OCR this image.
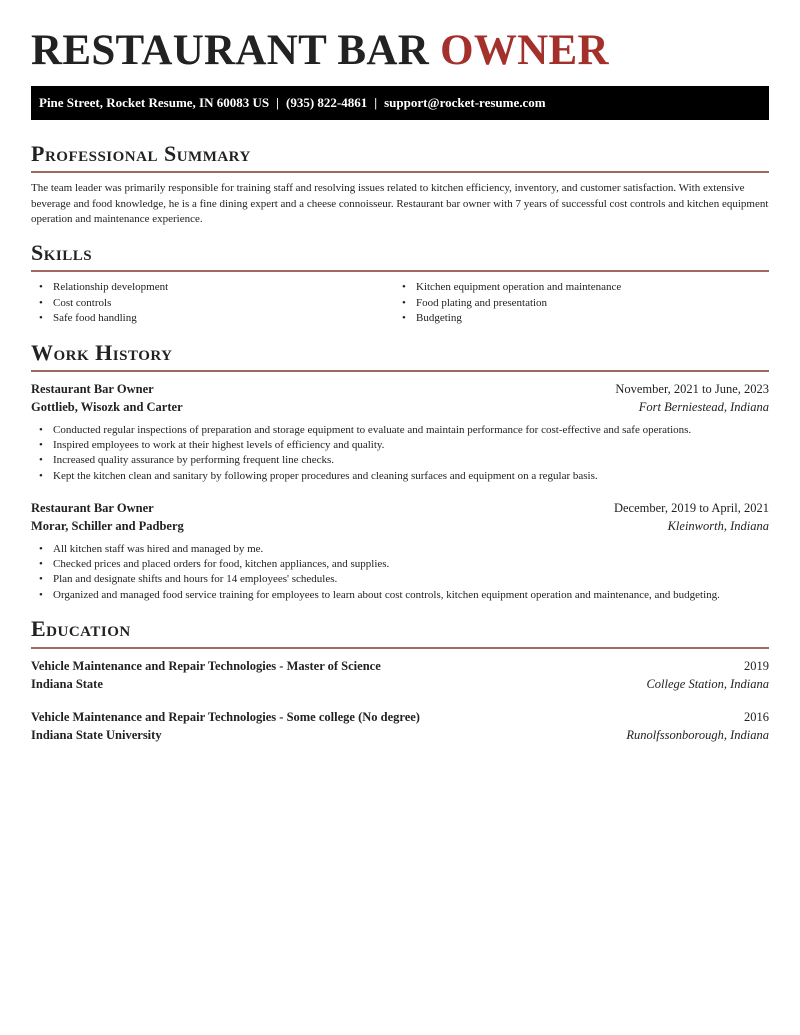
RESTAURANT BAR OWNER
Pine Street, Rocket Resume, IN 60083 US | (935) 822-4861 | support@rocket-resume.com
Professional Summary

The team leader was primarily responsible for training staff and resolving issues related to kitchen efficiency, inventory, and customer satisfaction. With extensive beverage and food knowledge, he is a fine dining expert and a cheese connoisseur. Restaurant bar owner with 7 years of successful cost controls and kitchen equipment operation and maintenance experience.

Skills
• Relationship development
• Cost controls
• Safe food handling
• Kitchen equipment operation and maintenance
• Food plating and presentation
• Budgeting
Work History
Restaurant Bar Owner	November, 2021 to June, 2023
Gottlieb, Wisozk and Carter	Fort Berniestead, Indiana
• Conducted regular inspections of preparation and storage equipment to evaluate and maintain performance for cost-effective and safe operations.
• Inspired employees to work at their highest levels of efficiency and quality.
• Increased quality assurance by performing frequent line checks.
• Kept the kitchen clean and sanitary by following proper procedures and cleaning surfaces and equipment on a regular basis.
Restaurant Bar Owner	December, 2019 to April, 2021
Morar, Schiller and Padberg	Kleinworth, Indiana
• All kitchen staff was hired and managed by me.
• Checked prices and placed orders for food, kitchen appliances, and supplies.
• Plan and designate shifts and hours for 14 employees' schedules.
• Organized and managed food service training for employees to learn about cost controls, kitchen equipment operation and maintenance, and budgeting.
Education
Vehicle Maintenance and Repair Technologies - Master of Science	2019
Indiana State	College Station, Indiana
Vehicle Maintenance and Repair Technologies - Some college (No degree)	2016
Indiana State University	Runolfssonborough, Indiana
